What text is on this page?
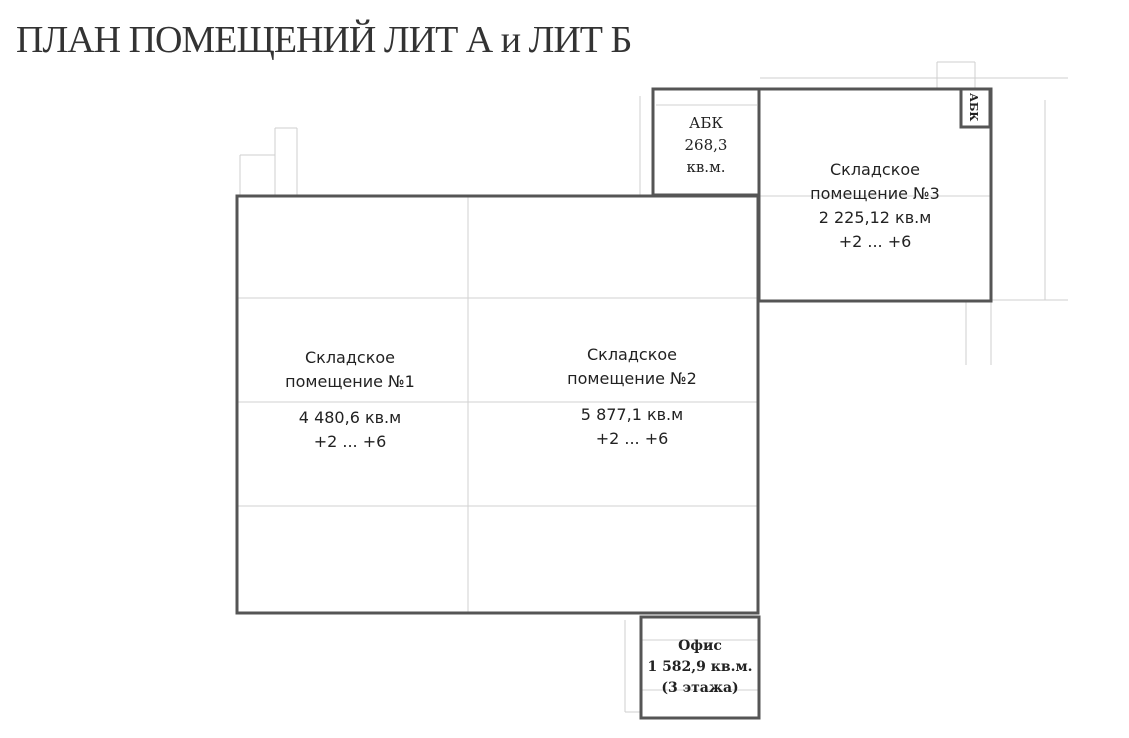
ПЛАН ПОМЕЩЕНИЙ ЛИТ А и ЛИТ Б
Складское
помещение №1
4 480,6 кв.м
+2 ... +6
Складское
помещение №2
5 877,1 кв.м
+2 ... +6
Складское
помещение №3
2 225,12 кв.м
+2 ... +6
АБК
268,3
кв.м.
АБК
Офис
1 582,9 кв.м.
(3 этажа)
